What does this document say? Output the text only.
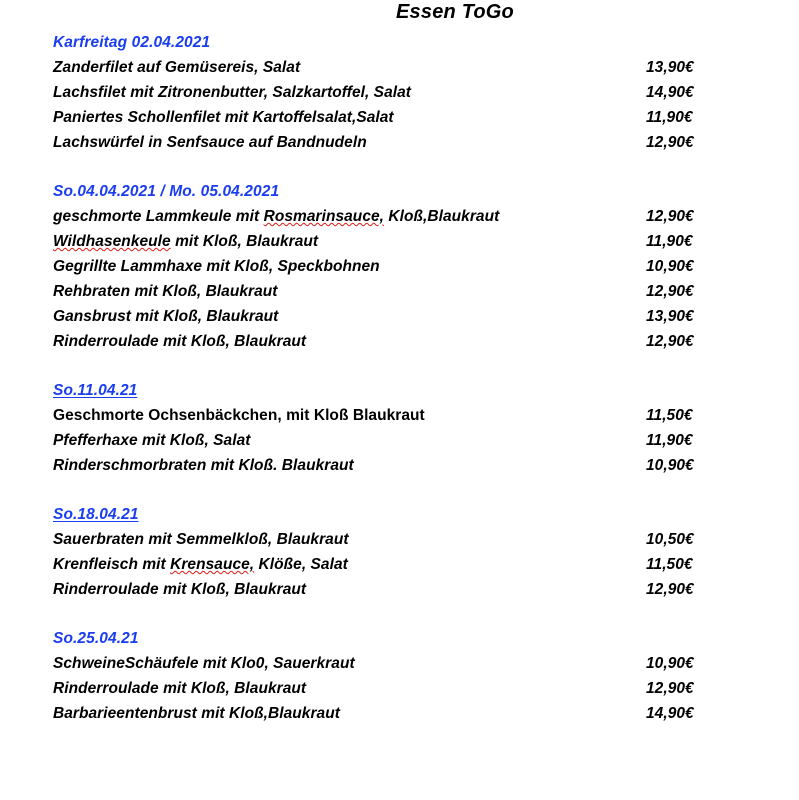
Essen ToGo
Karfreitag 02.04.2021
Zanderfilet auf Gemüsereis, Salat	13,90€
Lachsfilet mit Zitronenbutter, Salzkartoffel, Salat	14,90€
Paniertes Schollenfilet mit Kartoffelsalat,Salat	11,90€
Lachswürfel in Senfsauce auf Bandnudeln	12,90€
So.04.04.2021 / Mo. 05.04.2021
geschmorte Lammkeule mit Rosmarinsauce, Kloß,Blaukraut	12,90€
Wildhasenkeule mit Kloß, Blaukraut	11,90€
Gegrillte Lammhaxe mit Kloß, Speckbohnen	10,90€
Rehbraten mit Kloß, Blaukraut	12,90€
Gansbrust mit Kloß, Blaukraut	13,90€
Rinderroulade mit Kloß, Blaukraut	12,90€
So.11.04.21
Geschmorte Ochsenbäckchen, mit Kloß Blaukraut	11,50€
Pfefferhaxe mit Kloß, Salat	11,90€
Rinderschmorbraten mit Kloß. Blaukraut	10,90€
So.18.04.21
Sauerbraten mit Semmelkloß, Blaukraut	10,50€
Krenfleisch mit Krensauce, Klöße, Salat	11,50€
Rinderroulade mit Kloß, Blaukraut	12,90€
So.25.04.21
SchweineSchäufele mit Klo0, Sauerkraut	10,90€
Rinderroulade mit Kloß, Blaukraut	12,90€
Barbarieentenbrust mit Kloß,Blaukraut	14,90€
